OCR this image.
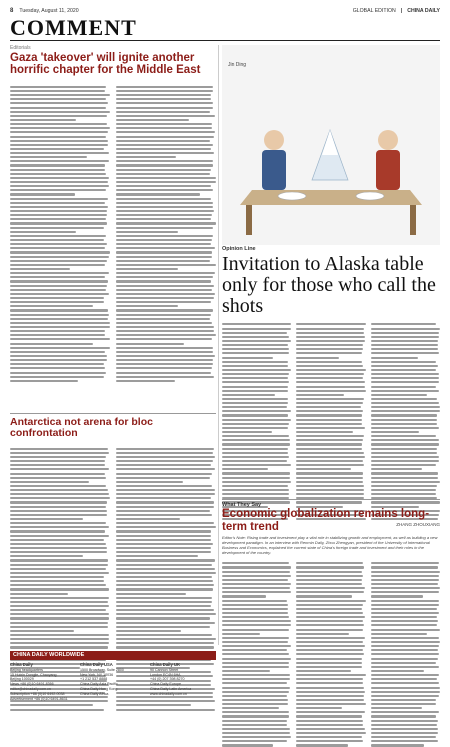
8 Tuesday, August 11, 2020	GLOBAL EDITION | CHINA DAILY
COMMENT
Editorials
Gaza 'takeover' will ignite another horrific chapter for the Middle East
Antarctica not arena for bloc confrontation
Jin Ding
Opinion Line
Invitation to Alaska table only for those who call the shots
ZHANG ZHOUXIANG
What They Say
Economic globalization remains long-term trend
Editor's Note: Rising trade and investment play a vital role in stabilizing growth and employment, as well as building a new development paradigm. In an interview with Renmin Daily, Zhou Zhengyan, president of the University of International Business and Economics, explained the current state of China's foreign trade and investment and their roles in the development of the country.
CHINA DAILY WORLDWIDE
China Daily
Beijing headquarters
15 Huixin Dongjie, Chaoyang
Beijing 100029
News +86 (0)10 6491-8366
editor@chinadaily.com.cn
Subscription +86 (0)10 6492-0038
Advertisement +86 (0)10 6491-8631
China Daily USA
1500 Broadway, Suite 2800
New York, NY 10036
+1 212 537 8888
China Daily Asia Pacific
China Daily Hong Kong
China Daily Africa
China Daily UK
90 Cannon Street
London EC4N 6HA
+44 (0) 207 398 8270
China Daily Europe
China Daily Latin America
www.chinadaily.com.cn
